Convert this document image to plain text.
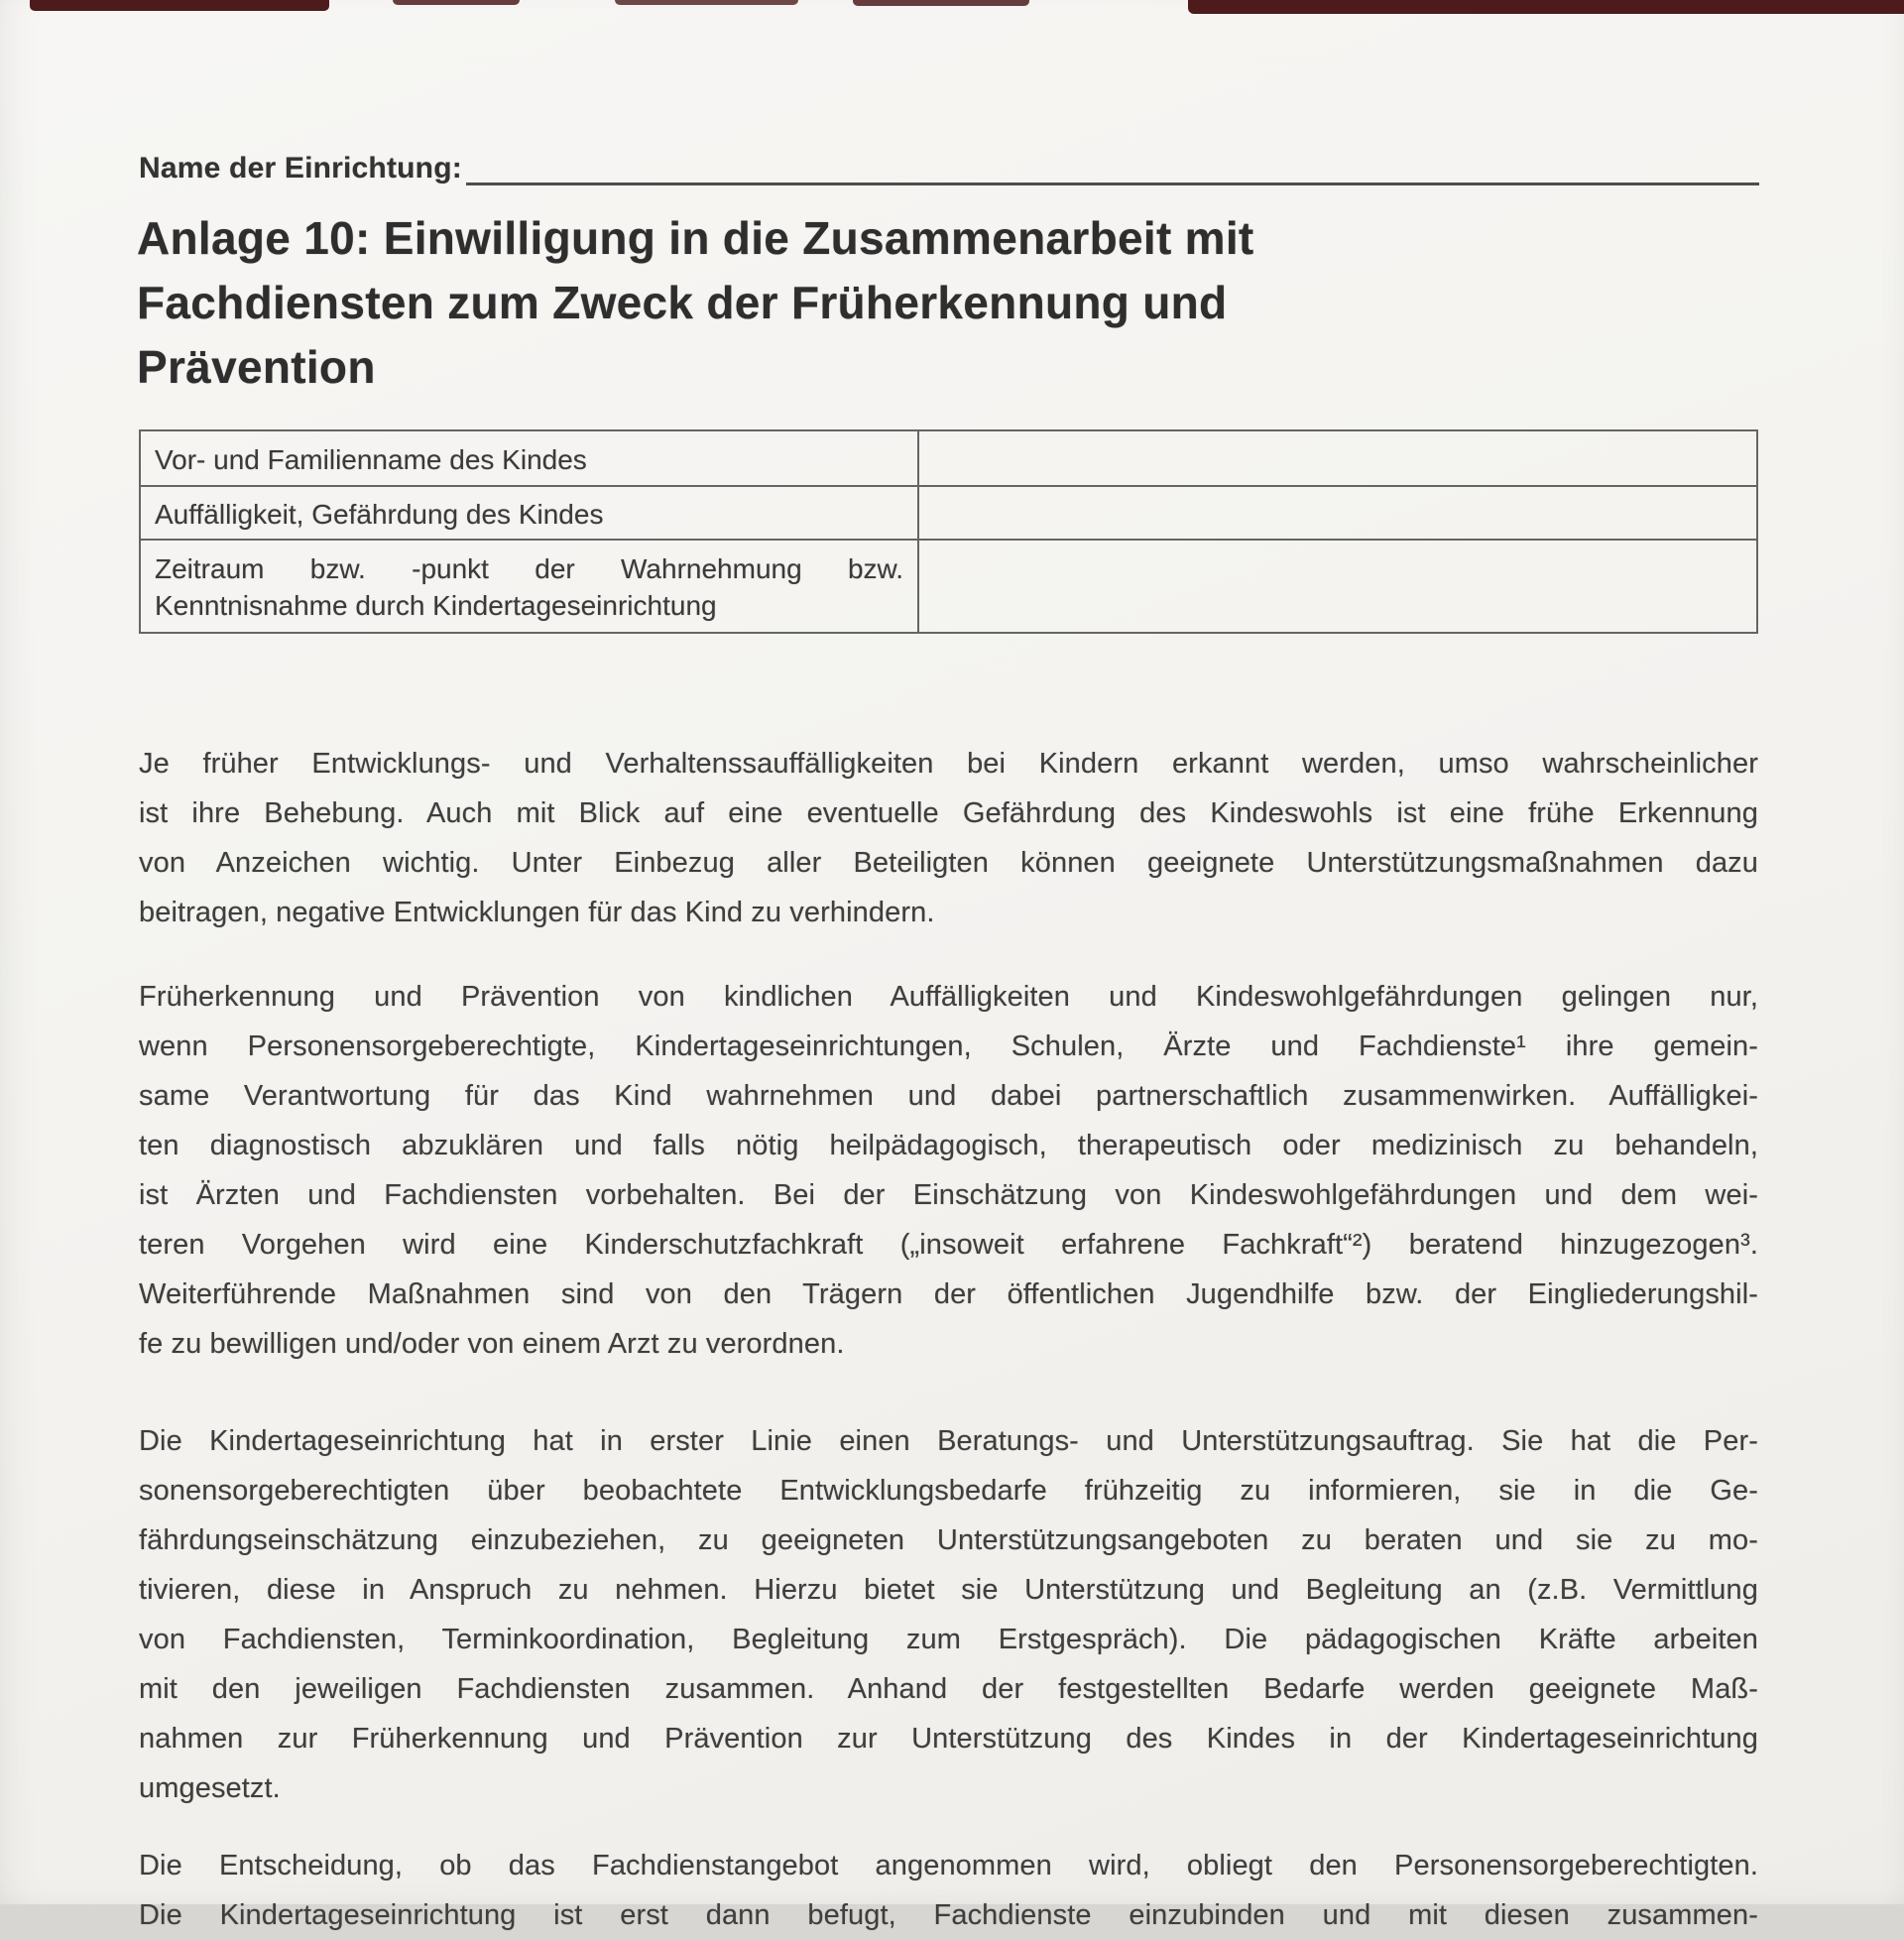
Name der Einrichtung:
Anlage 10: Einwilligung in die Zusammenarbeit mit
Fachdiensten zum Zweck der Früherkennung und
Prävention
Vor- und Familienname des Kindes	
Auffälligkeit, Gefährdung des Kindes	

Zeitraum bzw. -punkt der Wahrnehmung bzw.
Kenntnisnahme durch Kindertageseinrichtung	

Je früher Entwicklungs- und Verhaltenssauffälligkeiten bei Kindern erkannt werden, umso wahrscheinlicher
ist ihre Behebung. Auch mit Blick auf eine eventuelle Gefährdung des Kindeswohls ist eine frühe Erkennung
von Anzeichen wichtig. Unter Einbezug aller Beteiligten können geeignete Unterstützungsmaßnahmen dazu
beitragen, negative Entwicklungen für das Kind zu verhindern.
Früherkennung und Prävention von kindlichen Auffälligkeiten und Kindeswohlgefährdungen gelingen nur,
wenn Personensorgeberechtigte, Kindertageseinrichtungen, Schulen, Ärzte und Fachdienste¹ ihre gemein-
same Verantwortung für das Kind wahrnehmen und dabei partnerschaftlich zusammenwirken. Auffälligkei-
ten diagnostisch abzuklären und falls nötig heilpädagogisch, therapeutisch oder medizinisch zu behandeln,
ist Ärzten und Fachdiensten vorbehalten. Bei der Einschätzung von Kindeswohlgefährdungen und dem wei-
teren Vorgehen wird eine Kinderschutzfachkraft („insoweit erfahrene Fachkraft“²) beratend hinzugezogen³.
Weiterführende Maßnahmen sind von den Trägern der öffentlichen Jugendhilfe bzw. der Eingliederungshil-
fe zu bewilligen und/oder von einem Arzt zu verordnen.
Die Kindertageseinrichtung hat in erster Linie einen Beratungs- und Unterstützungsauftrag. Sie hat die Per-
sonensorgeberechtigten über beobachtete Entwicklungsbedarfe frühzeitig zu informieren, sie in die Ge-
fährdungseinschätzung einzubeziehen, zu geeigneten Unterstützungsangeboten zu beraten und sie zu mo-
tivieren, diese in Anspruch zu nehmen. Hierzu bietet sie Unterstützung und Begleitung an (z.B. Vermittlung
von Fachdiensten, Terminkoordination, Begleitung zum Erstgespräch). Die pädagogischen Kräfte arbeiten
mit den jeweiligen Fachdiensten zusammen. Anhand der festgestellten Bedarfe werden geeignete Maß-
nahmen zur Früherkennung und Prävention zur Unterstützung des Kindes in der Kindertageseinrichtung
umgesetzt.
Die Entscheidung, ob das Fachdienstangebot angenommen wird, obliegt den Personensorgeberechtigten.
Die Kindertageseinrichtung ist erst dann befugt, Fachdienste einzubinden und mit diesen zusammen-
